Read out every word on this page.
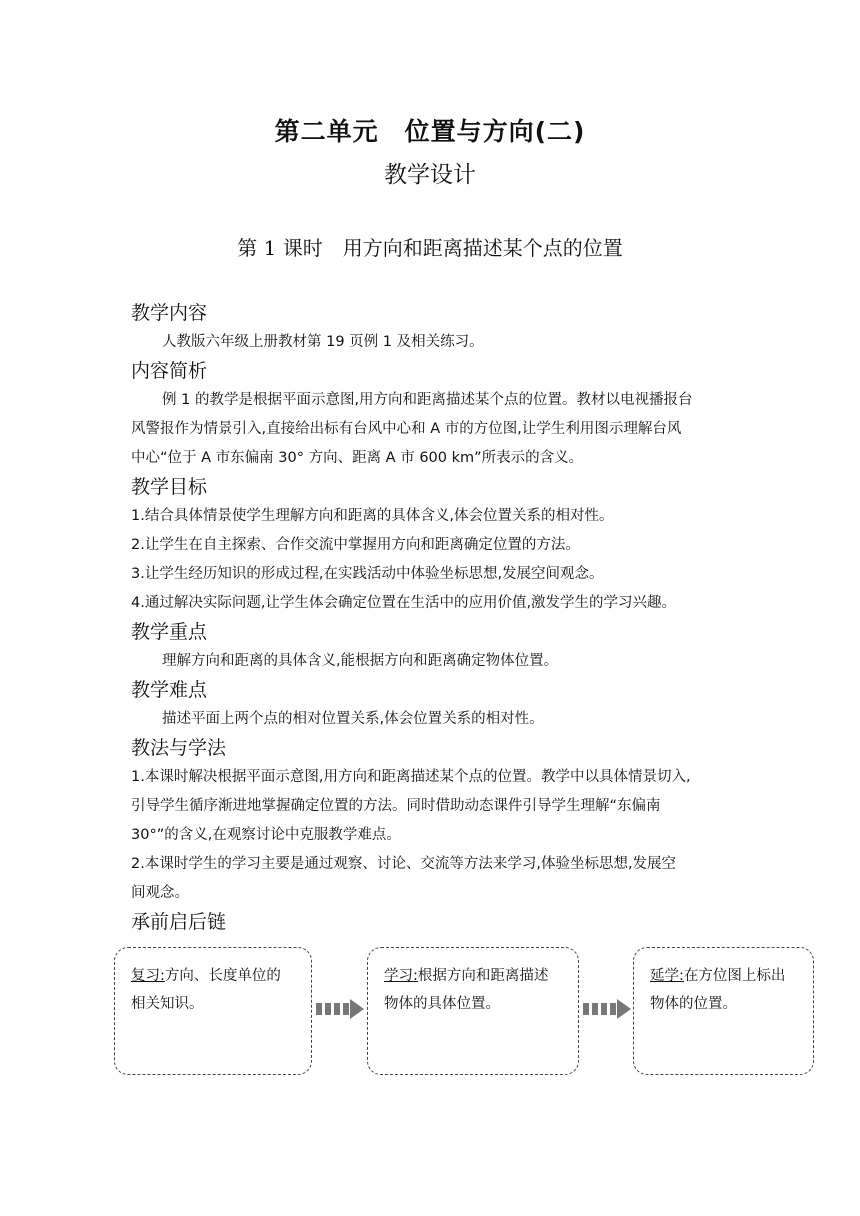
第二单元　位置与方向(二)
教学设计
第 1 课时　用方向和距离描述某个点的位置
教学内容

人教版六年级上册教材第 19 页例 1 及相关练习。

内容简析

例 1 的教学是根据平面示意图,用方向和距离描述某个点的位置。教材以电视播报台

风警报作为情景引入,直接给出标有台风中心和 A 市的方位图,让学生利用图示理解台风

中心“位于 A 市东偏南 30° 方向、距离 A 市 600 km”所表示的含义。

教学目标

1.结合具体情景使学生理解方向和距离的具体含义,体会位置关系的相对性。

2.让学生在自主探索、合作交流中掌握用方向和距离确定位置的方法。

3.让学生经历知识的形成过程,在实践活动中体验坐标思想,发展空间观念。

4.通过解决实际问题,让学生体会确定位置在生活中的应用价值,激发学生的学习兴趣。

教学重点

理解方向和距离的具体含义,能根据方向和距离确定物体位置。

教学难点

描述平面上两个点的相对位置关系,体会位置关系的相对性。

教法与学法

1.本课时解决根据平面示意图,用方向和距离描述某个点的位置。教学中以具体情景切入,

引导学生循序渐进地掌握确定位置的方法。同时借助动态课件引导学生理解“东偏南

30°”的含义,在观察讨论中克服教学难点。

2.本课时学生的学习主要是通过观察、讨论、交流等方法来学习,体验坐标思想,发展空

间观念。

承前启后链
复习:方向、长度单位的相关知识。
学习:根据方向和距离描述物体的具体位置。
延学:在方位图上标出物体的位置。
